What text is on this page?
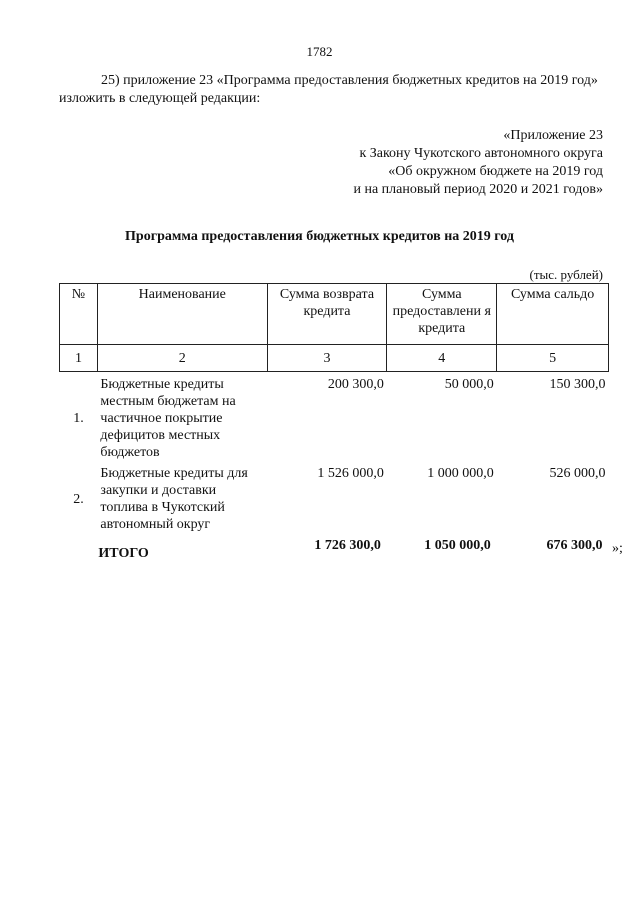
1782
25) приложение 23 «Программа предоставления бюджетных кредитов на 2019 год» изложить в следующей редакции:
«Приложение 23
к Закону Чукотского автономного округа
«Об окружном бюджете на 2019 год
и на плановый период 2020 и 2021 годов»
Программа предоставления бюджетных кредитов на 2019 год
(тыс. рублей)
№	Наименование	Сумма возврата кредита	Сумма предоставлени я кредита	Сумма сальдо
1	2	3	4	5
1.	Бюджетные кредиты местным бюджетам на частичное покрытие дефицитов местных бюджетов	200 300,0	50 000,0	150 300,0
2.	Бюджетные кредиты для закупки и доставки топлива в Чукотский автономный округ	1 526 000,0	1 000 000,0	526 000,0
	ИТОГО	1 726 300,0	1 050 000,0	676 300,0 »;
